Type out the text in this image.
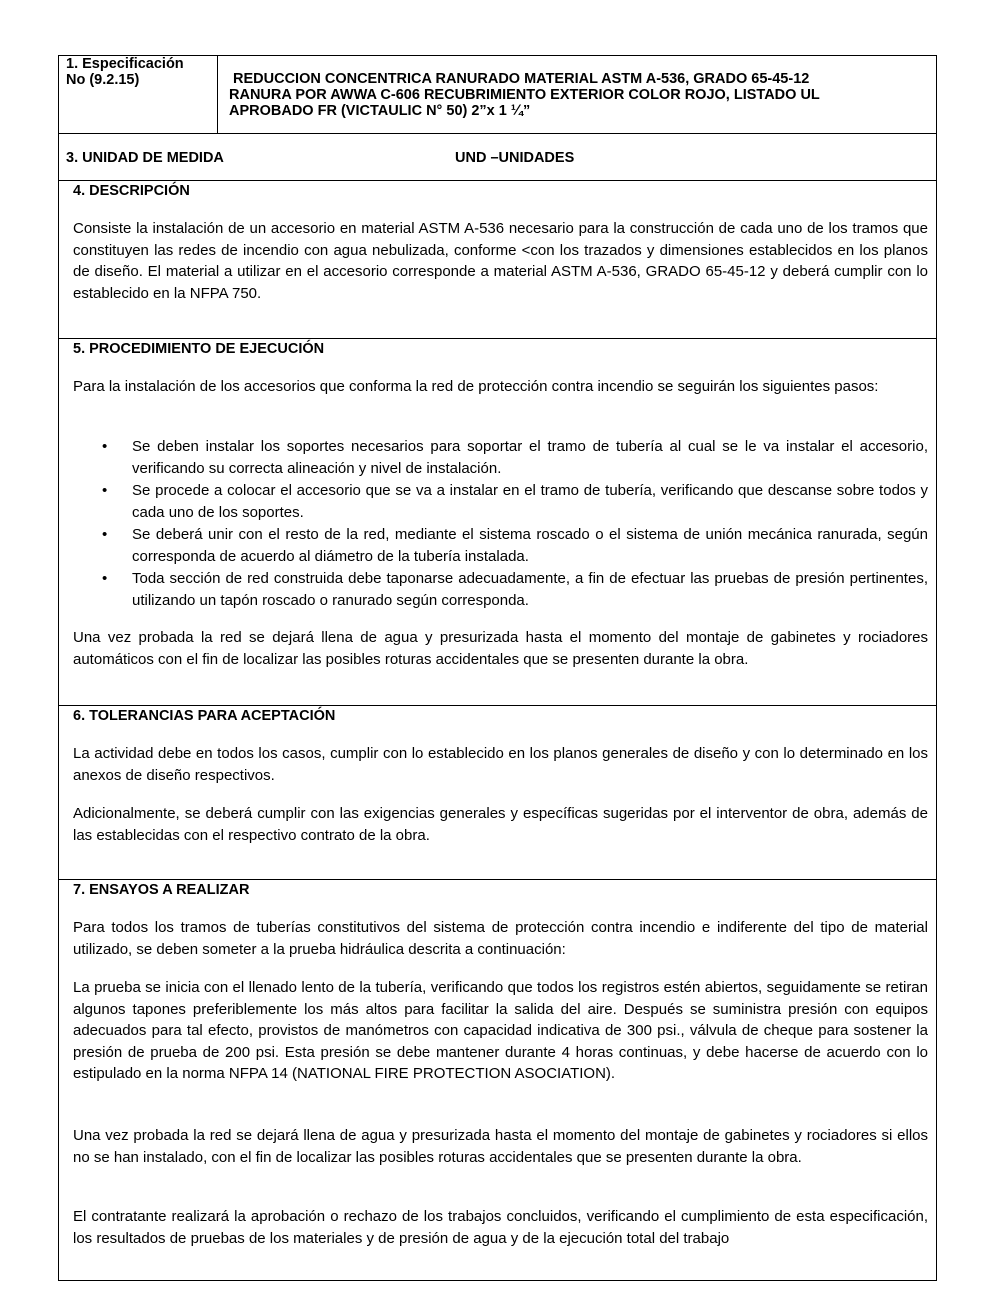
1. Especificación
No (9.2.15)	REDUCCION CONCENTRICA RANURADO MATERIAL ASTM A-536, GRADO 65-45-12
RANURA POR AWWA C-606 RECUBRIMIENTO EXTERIOR COLOR ROJO, LISTADO UL
APROBADO FR (VICTAULIC N° 50) 2”x 1 ¼”
3. UNIDAD DE MEDIDA	UND –UNIDADES
4. DESCRIPCIÓN

Consiste la instalación de un accesorio en material ASTM A-536 necesario para la construcción de cada uno de los tramos que constituyen las redes de incendio con agua nebulizada, conforme <con los trazados y dimensiones establecidos en los planos de diseño. El material a utilizar en el accesorio corresponde a material ASTM A-536, GRADO 65-45-12 y deberá cumplir con lo establecido en la NFPA 750.

5. PROCEDIMIENTO DE EJECUCIÓN

Para la instalación de los accesorios que conforma la red de protección contra incendio se seguirán los siguientes pasos:

• Se deben instalar los soportes necesarios para soportar el tramo de tubería al cual se le va instalar el accesorio, verificando su correcta alineación y nivel de instalación.
• Se procede a colocar el accesorio que se va a instalar en el tramo de tubería, verificando que descanse sobre todos y cada uno de los soportes.
• Se deberá unir con el resto de la red, mediante el sistema roscado o el sistema de unión mecánica ranurada, según corresponda de acuerdo al diámetro de la tubería instalada.
• Toda sección de red construida debe taponarse adecuadamente, a fin de efectuar las pruebas de presión pertinentes, utilizando un tapón roscado o ranurado según corresponda.

Una vez probada la red se dejará llena de agua y presurizada hasta el momento del montaje de gabinetes y rociadores automáticos con el fin de localizar las posibles roturas accidentales que se presenten durante la obra.

6. TOLERANCIAS PARA ACEPTACIÓN

La actividad debe en todos los casos, cumplir con lo establecido en los planos generales de diseño y con lo determinado en los anexos de diseño respectivos.

Adicionalmente, se deberá cumplir con las exigencias generales y específicas sugeridas por el interventor de obra, además de las establecidas con el respectivo contrato de la obra.

7. ENSAYOS A REALIZAR

Para todos los tramos de tuberías constitutivos del sistema de protección contra incendio e indiferente del tipo de material utilizado, se deben someter a la prueba hidráulica descrita a continuación:

La prueba se inicia con el llenado lento de la tubería, verificando que todos los registros estén abiertos, seguidamente se retiran algunos tapones preferiblemente los más altos para facilitar la salida del aire. Después se suministra presión con equipos adecuados para tal efecto, provistos de manómetros con capacidad indicativa de 300 psi., válvula de cheque para sostener la presión de prueba de 200 psi. Esta presión se debe mantener durante 4 horas continuas, y debe hacerse de acuerdo con lo estipulado en la norma NFPA 14 (NATIONAL FIRE PROTECTION ASOCIATION).

Una vez probada la red se dejará llena de agua y presurizada hasta el momento del montaje de gabinetes y rociadores si ellos no se han instalado, con el fin de localizar las posibles roturas accidentales que se presenten durante la obra.

El contratante realizará la aprobación o rechazo de los trabajos concluidos, verificando el cumplimiento de esta especificación, los resultados de pruebas de los materiales y de presión de agua y de la ejecución total del trabajo
